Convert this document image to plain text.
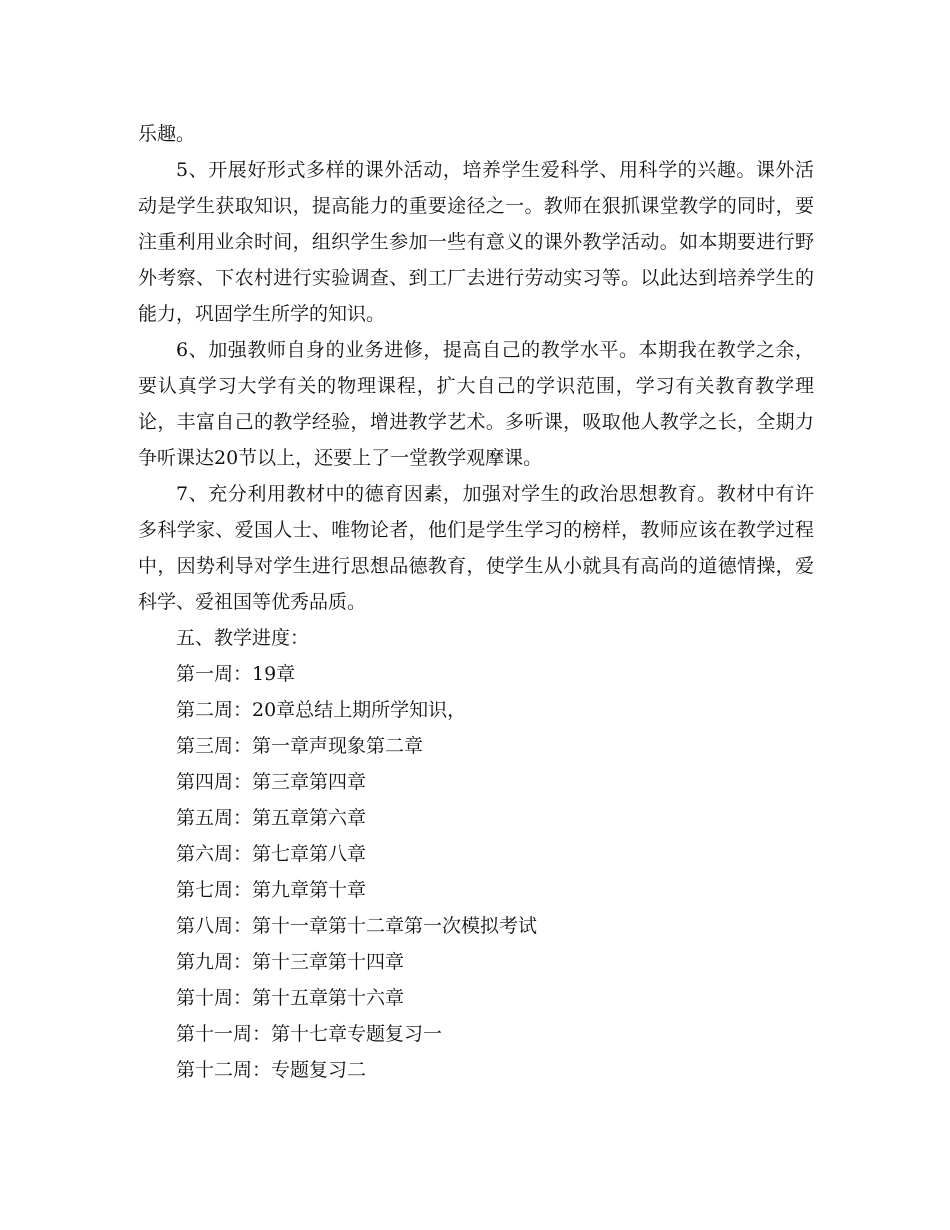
乐趣。

5、开展好形式多样的课外活动，培养学生爱科学、用科学的兴趣。课外活动是学生获取知识，提高能力的重要途径之一。教师在狠抓课堂教学的同时，要注重利用业余时间，组织学生参加一些有意义的课外教学活动。如本期要进行野外考察、下农村进行实验调查、到工厂去进行劳动实习等。以此达到培养学生的能力，巩固学生所学的知识。

6、加强教师自身的业务进修，提高自己的教学水平。本期我在教学之余，要认真学习大学有关的物理课程，扩大自己的学识范围，学习有关教育教学理论，丰富自己的教学经验，增进教学艺术。多听课，吸取他人教学之长，全期力争听课达20节以上，还要上了一堂教学观摩课。

7、充分利用教材中的德育因素，加强对学生的政治思想教育。教材中有许多科学家、爱国人士、唯物论者，他们是学生学习的榜样，教师应该在教学过程中，因势利导对学生进行思想品德教育，使学生从小就具有高尚的道德情操，爱科学、爱祖国等优秀品质。

五、教学进度：

第一周：19章
第二周：20章总结上期所学知识，
第三周：第一章声现象第二章
第四周：第三章第四章
第五周：第五章第六章
第六周：第七章第八章
第七周：第九章第十章
第八周：第十一章第十二章第一次模拟考试
第九周：第十三章第十四章
第十周：第十五章第十六章
第十一周：第十七章专题复习一
第十二周：专题复习二
